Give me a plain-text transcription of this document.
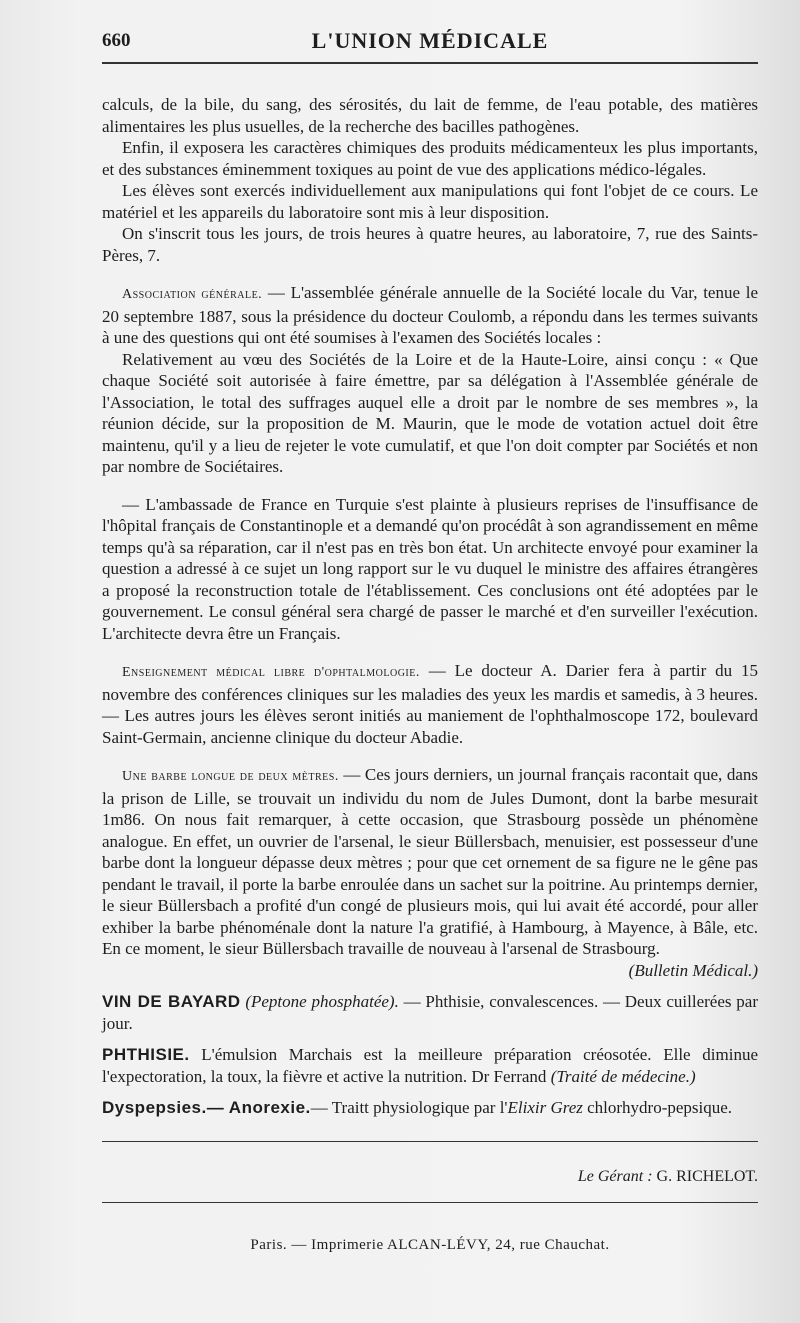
660	L'UNION MÉDICALE

calculs, de la bile, du sang, des sérosités, du lait de femme, de l'eau potable, des matières alimentaires les plus usuelles, de la recherche des bacilles pathogènes.

Enfin, il exposera les caractères chimiques des produits médicamenteux les plus importants, et des substances éminemment toxiques au point de vue des applications médico-légales.

Les élèves sont exercés individuellement aux manipulations qui font l'objet de ce cours. Le matériel et les appareils du laboratoire sont mis à leur disposition.

On s'inscrit tous les jours, de trois heures à quatre heures, au laboratoire, 7, rue des Saints-Pères, 7.

Association générale. — L'assemblée générale annuelle de la Société locale du Var, tenue le 20 septembre 1887, sous la présidence du docteur Coulomb, a répondu dans les termes suivants à une des questions qui ont été soumises à l'examen des Sociétés locales :

Relativement au vœu des Sociétés de la Loire et de la Haute-Loire, ainsi conçu : « Que chaque Société soit autorisée à faire émettre, par sa délégation à l'Assemblée générale de l'Association, le total des suffrages auquel elle a droit par le nombre de ses membres », la réunion décide, sur la proposition de M. Maurin, que le mode de votation actuel doit être maintenu, qu'il y a lieu de rejeter le vote cumulatif, et que l'on doit compter par Sociétés et non par nombre de Sociétaires.

— L'ambassade de France en Turquie s'est plainte à plusieurs reprises de l'insuffisance de l'hôpital français de Constantinople et a demandé qu'on procédât à son agrandissement en même temps qu'à sa réparation, car il n'est pas en très bon état. Un architecte envoyé pour examiner la question a adressé à ce sujet un long rapport sur le vu duquel le ministre des affaires étrangères a proposé la reconstruction totale de l'établissement. Ces conclusions ont été adoptées par le gouvernement. Le consul général sera chargé de passer le marché et d'en surveiller l'exécution. L'architecte devra être un Français.

Enseignement médical libre d'ophtalmologie. — Le docteur A. Darier fera à partir du 15 novembre des conférences cliniques sur les maladies des yeux les mardis et samedis, à 3 heures. — Les autres jours les élèves seront initiés au maniement de l'ophthalmoscope 172, boulevard Saint-Germain, ancienne clinique du docteur Abadie.

Une barbe longue de deux mètres. — Ces jours derniers, un journal français racontait que, dans la prison de Lille, se trouvait un individu du nom de Jules Dumont, dont la barbe mesurait 1m86. On nous fait remarquer, à cette occasion, que Strasbourg possède un phénomène analogue. En effet, un ouvrier de l'arsenal, le sieur Büllersbach, menuisier, est possesseur d'une barbe dont la longueur dépasse deux mètres ; pour que cet ornement de sa figure ne le gêne pas pendant le travail, il porte la barbe enroulée dans un sachet sur la poitrine. Au printemps dernier, le sieur Büllersbach a profité d'un congé de plusieurs mois, qui lui avait été accordé, pour aller exhiber la barbe phénoménale dont la nature l'a gratifié, à Hambourg, à Mayence, à Bâle, etc. En ce moment, le sieur Büllersbach travaille de nouveau à l'arsenal de Strasbourg.

(Bulletin Médical.)

VIN DE BAYARD (Peptone phosphatée). — Phthisie, convalescences. — Deux cuillerées par jour.
PHTHISIE. L'émulsion Marchais est la meilleure préparation créosotée. Elle diminue l'expectoration, la toux, la fièvre et active la nutrition. Dr Ferrand (Traité de médecine.)
Dyspepsies.— Anorexie.— Traitt physiologique par l'Elixir Grez chlorhydro-pepsique.
Le Gérant : G. RICHELOT.
Paris. — Imprimerie ALCAN-LÉVY, 24, rue Chauchat.
